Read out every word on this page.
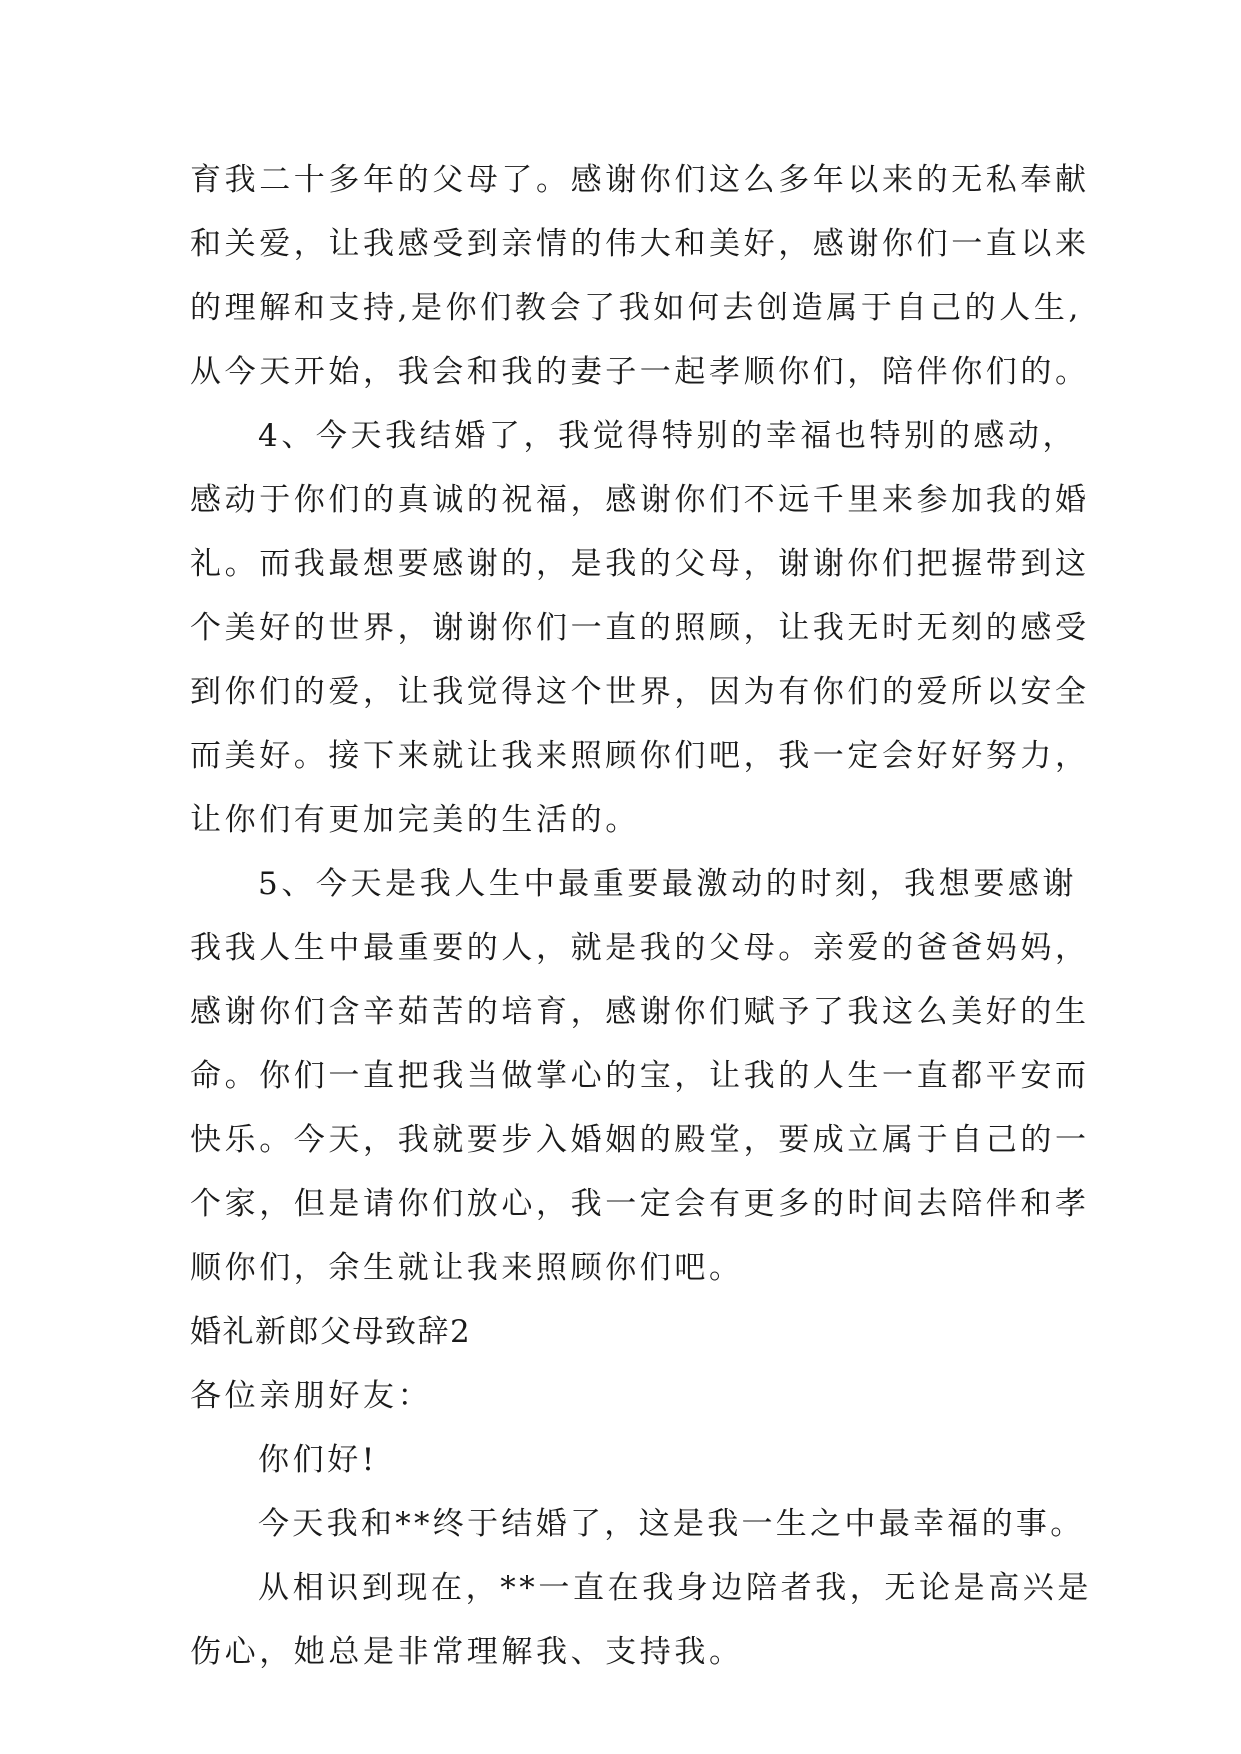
育我二十多年的父母了。感谢你们这么多年以来的无私奉献
和关爱，让我感受到亲情的伟大和美好，感谢你们一直以来
的理解和支持,是你们教会了我如何去创造属于自己的人生,
从今天开始，我会和我的妻子一起孝顺你们，陪伴你们的。
4、今天我结婚了，我觉得特别的幸福也特别的感动，
感动于你们的真诚的祝福，感谢你们不远千里来参加我的婚
礼。而我最想要感谢的，是我的父母，谢谢你们把握带到这
个美好的世界，谢谢你们一直的照顾，让我无时无刻的感受
到你们的爱，让我觉得这个世界，因为有你们的爱所以安全
而美好。接下来就让我来照顾你们吧，我一定会好好努力，
让你们有更加完美的生活的。
5、今天是我人生中最重要最激动的时刻，我想要感谢
我我人生中最重要的人，就是我的父母。亲爱的爸爸妈妈，
感谢你们含辛茹苦的培育，感谢你们赋予了我这么美好的生
命。你们一直把我当做掌心的宝，让我的人生一直都平安而
快乐。今天，我就要步入婚姻的殿堂，要成立属于自己的一
个家，但是请你们放心，我一定会有更多的时间去陪伴和孝
顺你们，余生就让我来照顾你们吧。
婚礼新郎父母致辞2
各位亲朋好友：
你们好!
今天我和**终于结婚了，这是我一生之中最幸福的事。
从相识到现在，**一直在我身边陪者我，无论是高兴是
伤心，她总是非常理解我、支持我。
